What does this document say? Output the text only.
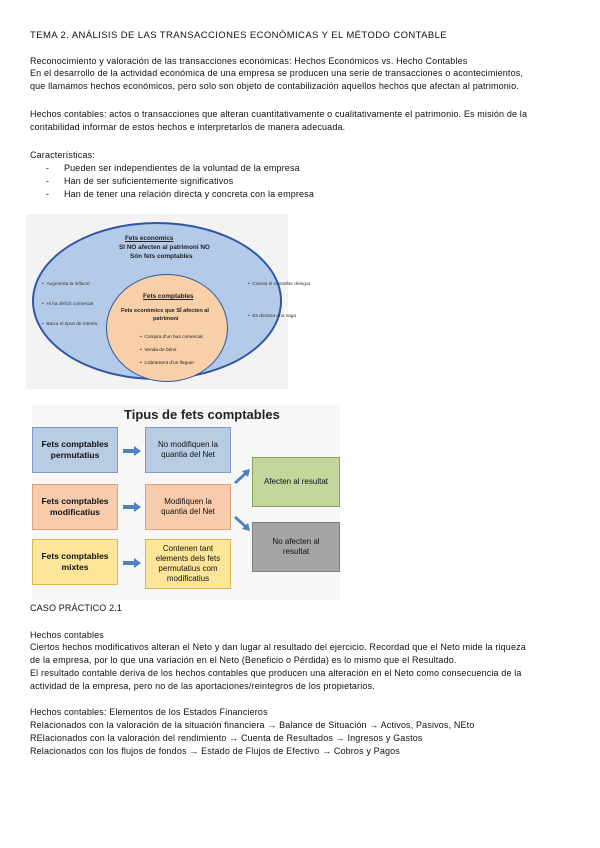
TEMA 2. ANÁLISIS DE LAS TRANSACCIONES ECONÓMICAS Y EL MÉTODO CONTABLE
Reconocimiento y valoración de las transacciones económicas: Hechos Económicos vs. Hecho Contables
En el desarrollo de la actividad económica de una empresa se producen una serie de transacciones o acontecimientos,
que llamamos hechos económicos, pero solo son objeto de contabilización aquellos hechos que afectan al patrimonio.
Hechos contables: actos o transacciones que alteran cuantitativamente o cualitativamente el patrimonio. Es misión de la
contabilidad informar de estos hechos e interpretarlos de manera adecuada.
Características:
- Pueden ser independientes de la voluntad de la empresa
- Han de ser suficientemente significativos
- Han de tener una relación directa y concreta con la empresa
Fets econòmics
SI NO afecten al patrimoni NO
Són fets comptables
•  Augmenta la inflació
•  Hi ha dèficit comercial
•  Baixa el tipus de interès
•  Canvia el conseller delegat
•  Es declara una vaga
Fets comptables
Fets econòmics que SÍ afecten al
patrimoni
•  Compra d'un bus comercial
•  Venda de béns
•  Cobrament d'un lloguer
Tipus de fets comptables
Fets comptables permutatius
Fets comptables modificatius
Fets comptables mixtes
No modifiquen la quantia del Net
Modifiquen la quantia del Net
Contenen tant elements dels fets permutatius com modificatius
Afecten al resultat
No afecten al resultat
CASO PRÁCTICO 2.1
Hechos contables
Ciertos hechos modificativos alteran el Neto y dan lugar al resultado del ejercicio. Recordad que el Neto mide la riqueza
de la empresa, por lo que una variación en el Neto (Beneficio o Pérdida) es lo mismo que el Resultado.
El resultado contable deriva de los hechos contables que producen una alteración en el Neto como consecuencia de la
actividad de la empresa, pero no de las aportaciones/reintegros de los propietarios.
Hechos contables: Elementos de los Estados Financieros
Relacionados con la valoración de la situación financiera → Balance de Situación → Activos, Pasivos, NEto
RElacionados con la valoración del rendimiento → Cuenta de Resultados → Ingresos y Gastos
Relacionados con los flujos de fondos → Estado de Flujos de Efectivo → Cobros y Pagos
